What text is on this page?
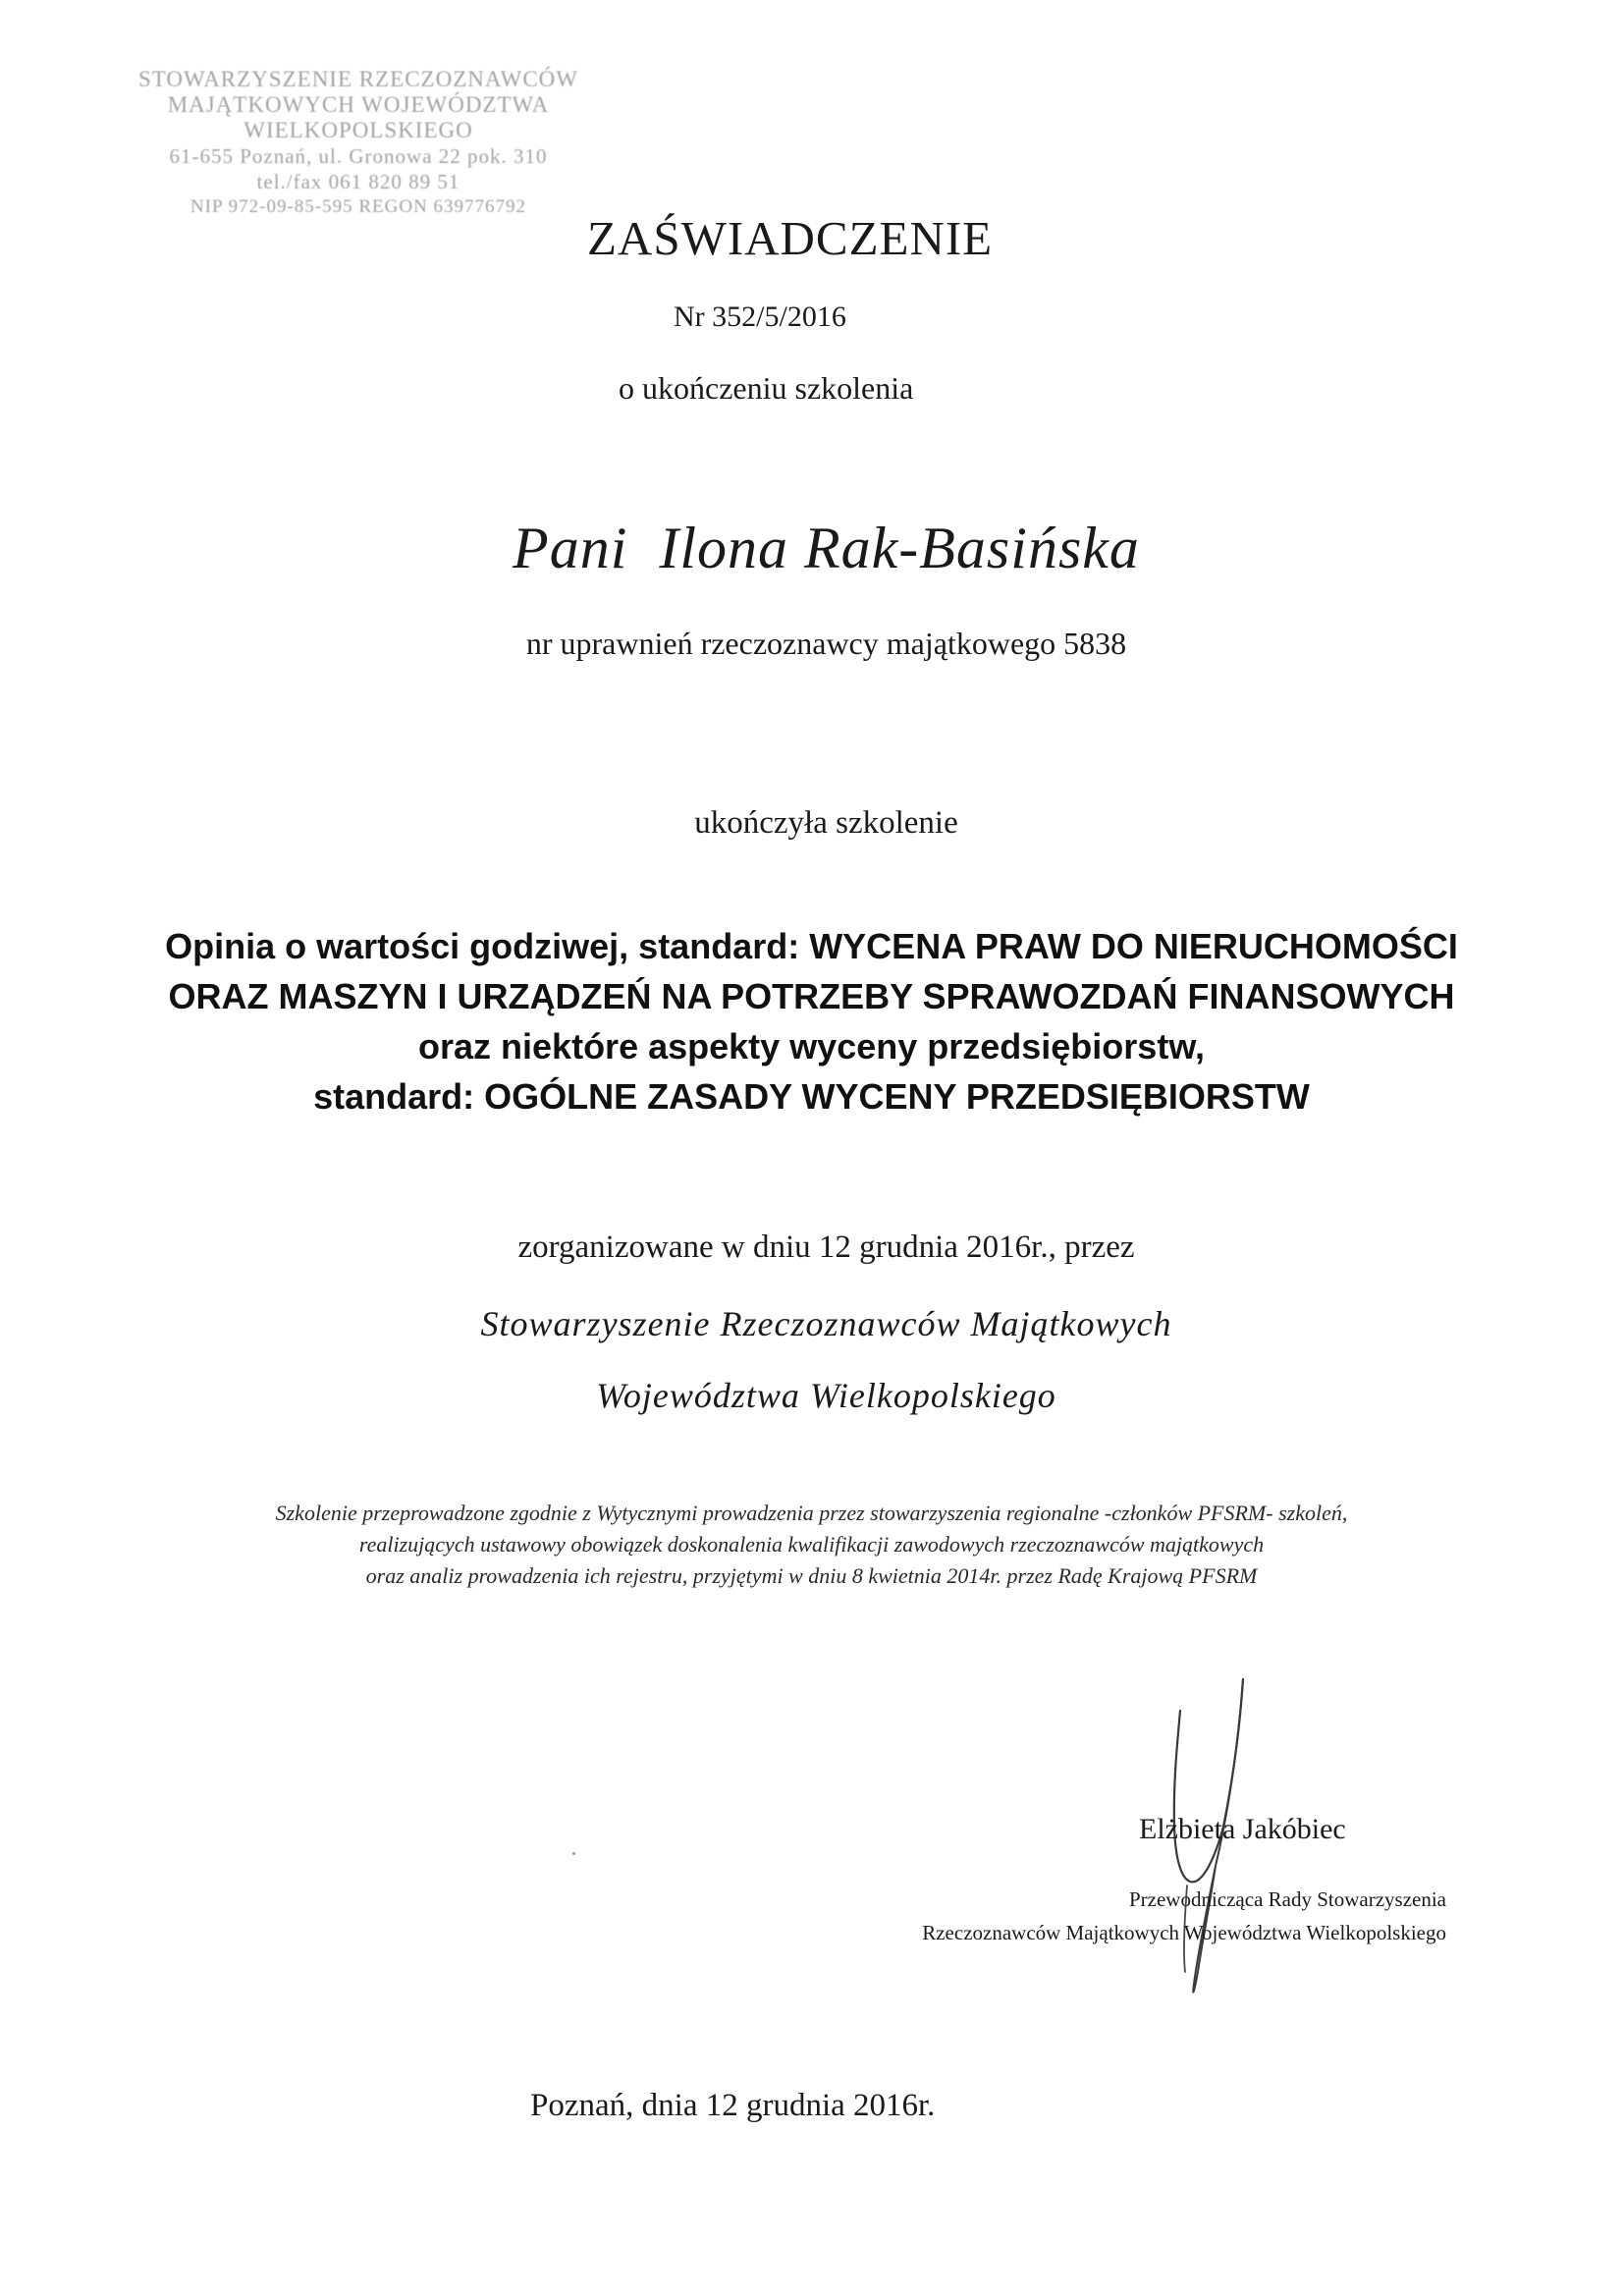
STOWARZYSZENIE RZECZOZNAWCÓW
MAJĄTKOWYCH WOJEWÓDZTWA
WIELKOPOLSKIEGO
61-655 Poznań, ul. Gronowa 22 pok. 310
tel./fax 061 820 89 51
NIP 972-09-85-595 REGON 639776792
ZAŚWIADCZENIE
Nr 352/5/2016
o ukończeniu szkolenia
Pani  Ilona Rak-Basińska
nr uprawnień rzeczoznawcy majątkowego 5838
ukończyła szkolenie
Opinia o wartości godziwej, standard: WYCENA PRAW DO NIERUCHOMOŚCI
ORAZ MASZYN I URZĄDZEŃ NA POTRZEBY SPRAWOZDAŃ FINANSOWYCH
oraz niektóre aspekty wyceny przedsiębiorstw,
standard: OGÓLNE ZASADY WYCENY PRZEDSIĘBIORSTW
zorganizowane w dniu 12 grudnia 2016r., przez
Stowarzyszenie Rzeczoznawców Majątkowych
Województwa Wielkopolskiego
Szkolenie przeprowadzone zgodnie z Wytycznymi prowadzenia przez stowarzyszenia regionalne -członków PFSRM- szkoleń,
realizujących ustawowy obowiązek doskonalenia kwalifikacji zawodowych rzeczoznawców majątkowych
oraz analiz prowadzenia ich rejestru, przyjętymi w dniu 8 kwietnia 2014r. przez Radę Krajową PFSRM
Elżbieta Jakóbiec
Przewodnicząca Rady Stowarzyszenia
Rzeczoznawców Majątkowych Województwa Wielkopolskiego
Poznań, dnia 12 grudnia 2016r.
